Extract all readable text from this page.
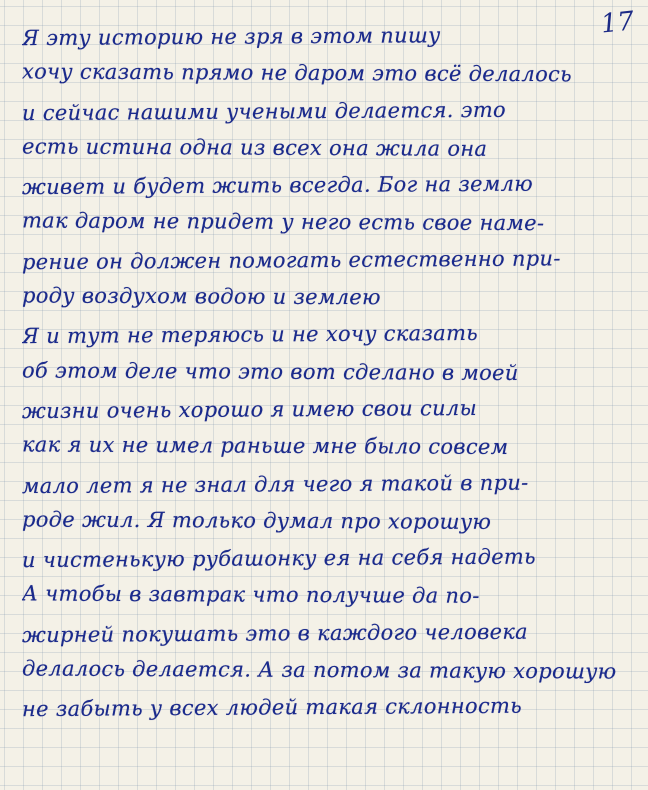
17
Я эту историю не зря в этом пишу
хочу сказать прямо не даром это всё делалось
и сейчас нашими учеными делается. это
есть истина одна из всех она жила она
живет и будет жить всегда. Бог на землю
так даром не придет у него есть свое наме-
рение он должен помогать естественно при-
роду воздухом водою и землею
Я и тут не теряюсь и не хочу сказать
об этом деле что это вот сделано в моей
жизни очень хорошо я имею свои силы
как я их не имел раньше мне было совсем
мало лет я не знал для чего я такой в при-
роде жил. Я только думал про хорошую
и чистенькую рубашонку ея на себя надеть
А чтобы в завтрак что получше да по-
жирней покушать это в каждого человека
делалось делается. А за потом за такую хорошую
не забыть у всех людей такая склонность
